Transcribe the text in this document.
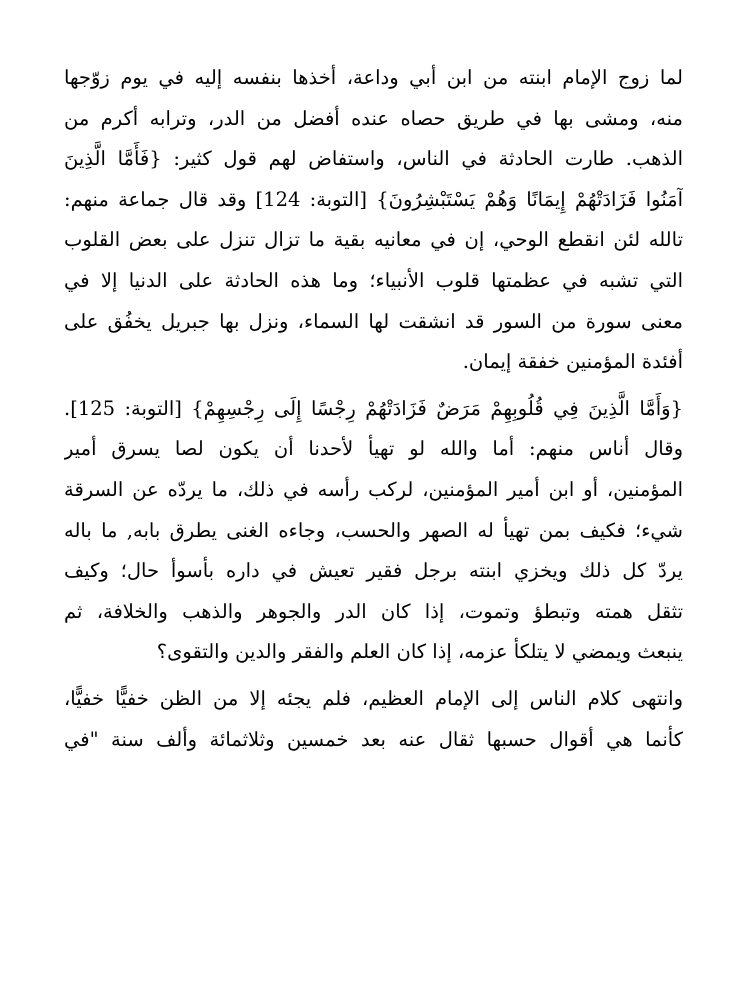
لما زوج الإمام ابنته من ابن أبي وداعة، أخذها بنفسه إليه في يوم زوّجها
منه، ومشى بها في طريق حصاه عنده أفضل من الدر، وترابه أكرم من
الذهب. طارت الحادثة في الناس، واستفاض لهم قول كثير: {فَأَمَّا الَّذِينَ
آمَنُوا فَزَادَتْهُمْ إِيمَانًا وَهُمْ يَسْتَبْشِرُونَ} [التوبة: 124] وقد قال جماعة منهم:
تالله لئن انقطع الوحي، إن في معانيه بقية ما تزال تنزل على بعض القلوب
التي تشبه في عظمتها قلوب الأنبياء؛ وما هذه الحادثة على الدنيا إلا في
معنى سورة من السور قد انشقت لها السماء، ونزل بها جبريل يخفُق على
أفئدة المؤمنين خفقة إيمان.
{وَأَمَّا الَّذِينَ فِي قُلُوبِهِمْ مَرَضٌ فَزَادَتْهُمْ رِجْسًا إِلَى رِجْسِهِمْ} [التوبة: 125].
وقال أناس منهم: أما والله لو تهيأ لأحدنا أن يكون لصا يسرق أمير
المؤمنين، أو ابن أمير المؤمنين، لركب رأسه في ذلك، ما يردّه عن السرقة
شيء؛ فكيف بمن تهيأ له الصهر والحسب، وجاءه الغنى يطرق بابه, ما باله
يردّ كل ذلك ويخزي ابنته برجل فقير تعيش في داره بأسوأ حال؛ وكيف
تثقل همته وتبطؤ وتموت، إذا كان الدر والجوهر والذهب والخلافة، ثم
ينبعث ويمضي لا يتلكأ عزمه، إذا كان العلم والفقر والدين والتقوى؟
وانتهى كلام الناس إلى الإمام العظيم، فلم يجئه إلا من الظن خفيًّا خفيًّا،
كأنما هي أقوال حسبها ثقال عنه بعد خمسين وثلاثمائة وألف سنة "في
